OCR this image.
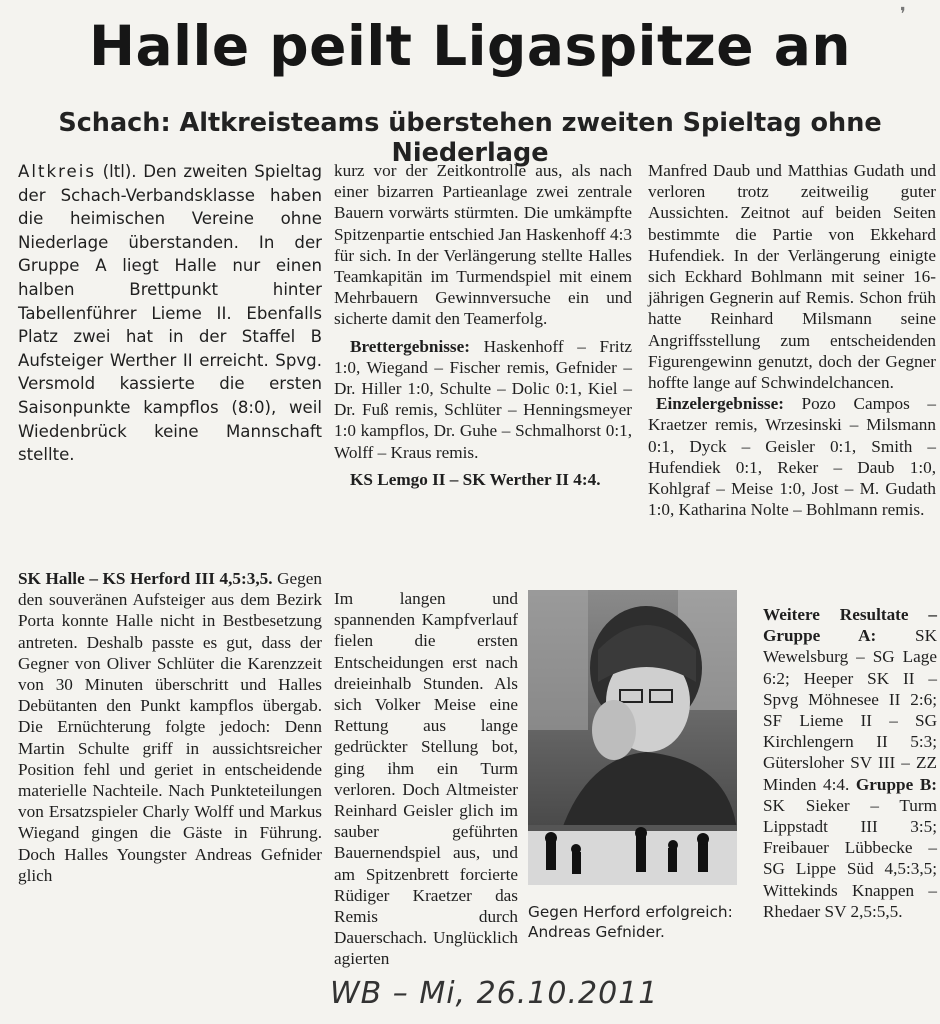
❜
Halle peilt Ligaspitze an
Schach: Altkreisteams überstehen zweiten Spieltag ohne Niederlage

Altkreis (ltl). Den zweiten Spieltag der Schach-Verbandsklasse haben die heimischen Vereine ohne Niederlage überstanden. In der Gruppe A liegt Halle nur einen halben Brettpunkt hinter Tabellenführer Lieme II. Ebenfalls Platz zwei hat in der Staffel B Aufsteiger Werther II erreicht. Spvg. Versmold kassierte die ersten Saisonpunkte kampflos (8:0), weil Wiedenbrück keine Mannschaft stellte.

SK Halle – KS Herford III 4,5:3,5. Gegen den souveränen Aufsteiger aus dem Bezirk Porta konnte Halle nicht in Bestbesetzung antreten. Deshalb passte es gut, dass der Gegner von Oliver Schlüter die Karenzzeit von 30 Minuten überschritt und Halles Debütanten den Punkt kampflos übergab. Die Ernüchterung folgte jedoch: Denn Martin Schulte griff in aussichtsreicher Position fehl und geriet in entscheidende materielle Nachteile. Nach Punkteteilungen von Ersatzspieler Charly Wolff und Markus Wiegand gingen die Gäste in Führung. Doch Halles Youngster Andreas Gefnider glich

kurz vor der Zeitkontrolle aus, als nach einer bizarren Partieanlage zwei zentrale Bauern vorwärts stürmten. Die umkämpfte Spitzenpartie entschied Jan Haskenhoff 4:3 für sich. In der Verlängerung stellte Halles Teamkapitän im Turmendspiel mit einem Mehrbauern Gewinnversuche ein und sicherte damit den Teamerfolg.

Brettergebnisse: Haskenhoff – Fritz 1:0, Wiegand – Fischer remis, Gefnider – Dr. Hiller 1:0, Schulte – Dolic 0:1, Kiel – Dr. Fuß remis, Schlüter – Henningsmeyer 1:0 kampflos, Dr. Guhe – Schmalhorst 0:1, Wolff – Kraus remis.

KS Lemgo II – SK Werther II 4:4.

Im langen und spannenden Kampfverlauf fielen die ersten Entscheidungen erst nach dreieinhalb Stunden. Als sich Volker Meise eine Rettung aus lange gedrückter Stellung bot, ging ihm ein Turm verloren. Doch Altmeister Reinhard Geisler glich im sauber geführten Bauernendspiel aus, und am Spitzenbrett forcierte Rüdiger Kraetzer das Remis durch Dauerschach. Unglücklich agierten

Gegen Herford erfolgreich: Andreas Gefnider.

Manfred Daub und Matthias Gudath und verloren trotz zeitweilig guter Aussichten. Zeitnot auf beiden Seiten bestimmte die Partie von Ekkehard Hufendiek. In der Verlängerung einigte sich Eckhard Bohlmann mit seiner 16-jährigen Gegnerin auf Remis. Schon früh hatte Reinhard Milsmann seine Angriffsstellung zum entscheidenden Figurengewinn genutzt, doch der Gegner hoffte lange auf Schwindelchancen.

Einzelergebnisse: Pozo Campos – Kraetzer remis, Wrzesinski – Milsmann 0:1, Dyck – Geisler 0:1, Smith – Hufendiek 0:1, Reker – Daub 1:0, Kohlgraf – Meise 1:0, Jost – M. Gudath 1:0, Katharina Nolte – Bohlmann remis.

Weitere Resultate – Gruppe A: SK Wewelsburg – SG Lage 6:2; Heeper SK II – Spvg Möhnesee II 2:6; SF Lieme II – SG Kirchlengern II 5:3; Gütersloher SV III – ZZ Minden 4:4. Gruppe B: SK Sieker – Turm Lippstadt III 3:5; Freibauer Lübbecke – SG Lippe Süd 4,5:3,5; Wittekinds Knappen – Rhedaer SV 2,5:5,5.

WB – Mi, 26.10.2011
